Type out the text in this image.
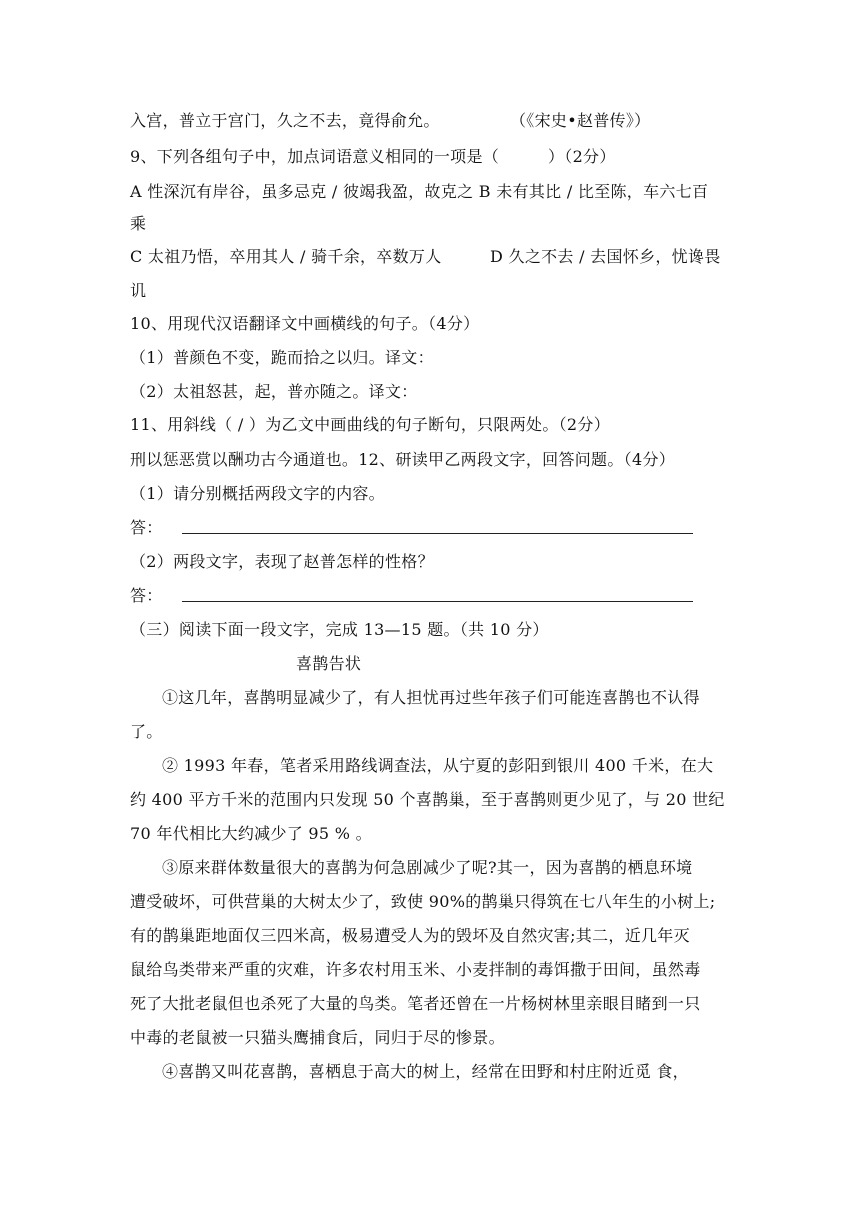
入宫，普立于宫门，久之不去，竟得俞允。	（《宋史•赵普传》）
9、下列各组句子中，加点词语意义相同的一项是（　　　）（2分）
A 性深沉有岸谷，虽多忌克 / 彼竭我盈，故克之 B 未有其比 / 比至陈，车六七百
乘
C 太祖乃悟，卒用其人 / 骑千余，卒数万人	D 久之不去 / 去国怀乡，忧谗畏
讥
10、用现代汉语翻译文中画横线的句子。（4分）
（1）普颜色不变，跪而拾之以归。译文：
（2）太祖怒甚，起，普亦随之。译文：
11、用斜线（ / ）为乙文中画曲线的句子断句，只限两处。（2分）
刑以惩恶赏以酬功古今通道也。12、研读甲乙两段文字，回答问题。（4分）
（1）请分别概括两段文字的内容。
答：
（2）两段文字，表现了赵普怎样的性格？
答：
（三）阅读下面一段文字，完成 13—15 题。（共 10 分）
喜鹊告状
①这几年，喜鹊明显减少了，有人担忧再过些年孩子们可能连喜鹊也不认得
了。
② 1993 年春，笔者采用路线调查法，从宁夏的彭阳到银川 400 千米，在大
约 400 平方千米的范围内只发现 50 个喜鹊巢，至于喜鹊则更少见了，与 20 世纪
70 年代相比大约减少了 95 % 。
③原来群体数量很大的喜鹊为何急剧减少了呢?其一，因为喜鹊的栖息环境
遭受破坏，可供营巢的大树太少了，致使 90%的鹊巢只得筑在七八年生的小树上;
有的鹊巢距地面仅三四米高，极易遭受人为的毁坏及自然灾害;其二，近几年灭
鼠给鸟类带来严重的灾难，许多农村用玉米、小麦拌制的毒饵撒于田间，虽然毒
死了大批老鼠但也杀死了大量的鸟类。笔者还曾在一片杨树林里亲眼目睹到一只
中毒的老鼠被一只猫头鹰捕食后，同归于尽的惨景。
④喜鹊又叫花喜鹊，喜栖息于高大的树上，经常在田野和村庄附近觅 食，
